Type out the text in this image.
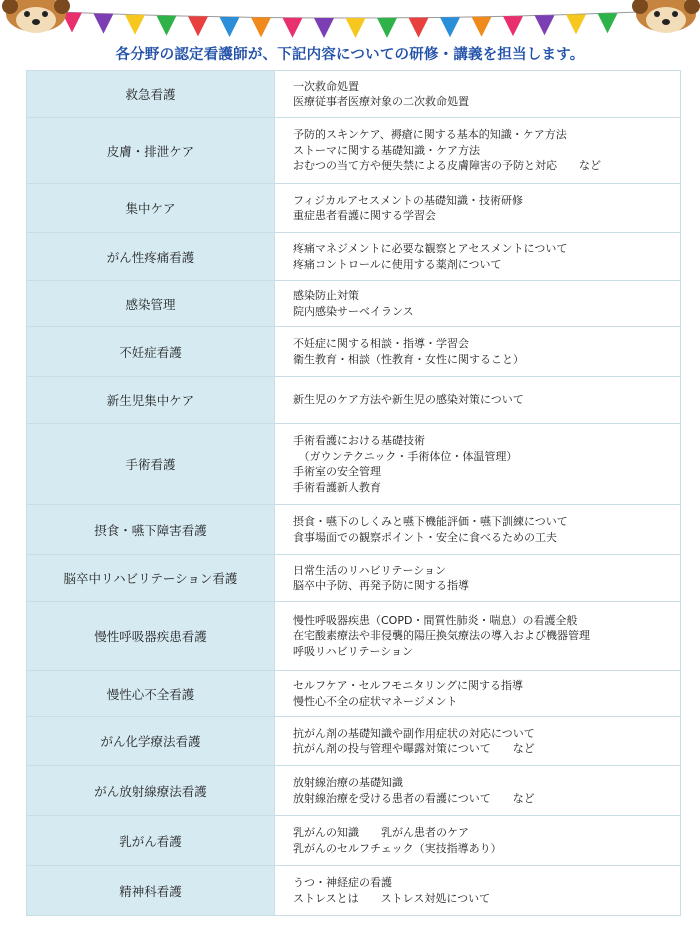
各分野の認定看護師が、下記内容についての研修・講義を担当します。
救急看護	一次救命処置
医療従事者医療対象の二次救命処置

皮膚・排泄ケア	予防的スキンケア、褥瘡に関する基本的知識・ケア方法
ストーマに関する基礎知識・ケア方法
おむつの当て方や便失禁による皮膚障害の予防と対応　　など

集中ケア	フィジカルアセスメントの基礎知識・技術研修
重症患者看護に関する学習会

がん性疼痛看護	疼痛マネジメントに必要な観察とアセスメントについて
疼痛コントロールに使用する薬剤について

感染管理	感染防止対策
院内感染サーベイランス

不妊症看護	不妊症に関する相談・指導・学習会
衛生教育・相談（性教育・女性に関すること）

新生児集中ケア	新生児のケア方法や新生児の感染対策について

手術看護	手術看護における基礎技術
　（ガウンテクニック・手術体位・体温管理）
手術室の安全管理
手術看護新人教育

摂食・嚥下障害看護	摂食・嚥下のしくみと嚥下機能評価・嚥下訓練について
食事場面での観察ポイント・安全に食べるための工夫

脳卒中リハビリテーション看護	日常生活のリハビリテーション
脳卒中予防、再発予防に関する指導

慢性呼吸器疾患看護	慢性呼吸器疾患（COPD・間質性肺炎・喘息）の看護全般
在宅酸素療法や非侵襲的陽圧換気療法の導入および機器管理
呼吸リハビリテーション

慢性心不全看護	セルフケア・セルフモニタリングに関する指導
慢性心不全の症状マネージメント

がん化学療法看護	抗がん剤の基礎知識や副作用症状の対応について
抗がん剤の投与管理や曝露対策について　　など

がん放射線療法看護	放射線治療の基礎知識
放射線治療を受ける患者の看護について　　など

乳がん看護	乳がんの知識　　乳がん患者のケア
乳がんのセルフチェック（実技指導あり）

精神科看護	うつ・神経症の看護
ストレスとは　　ストレス対処について
